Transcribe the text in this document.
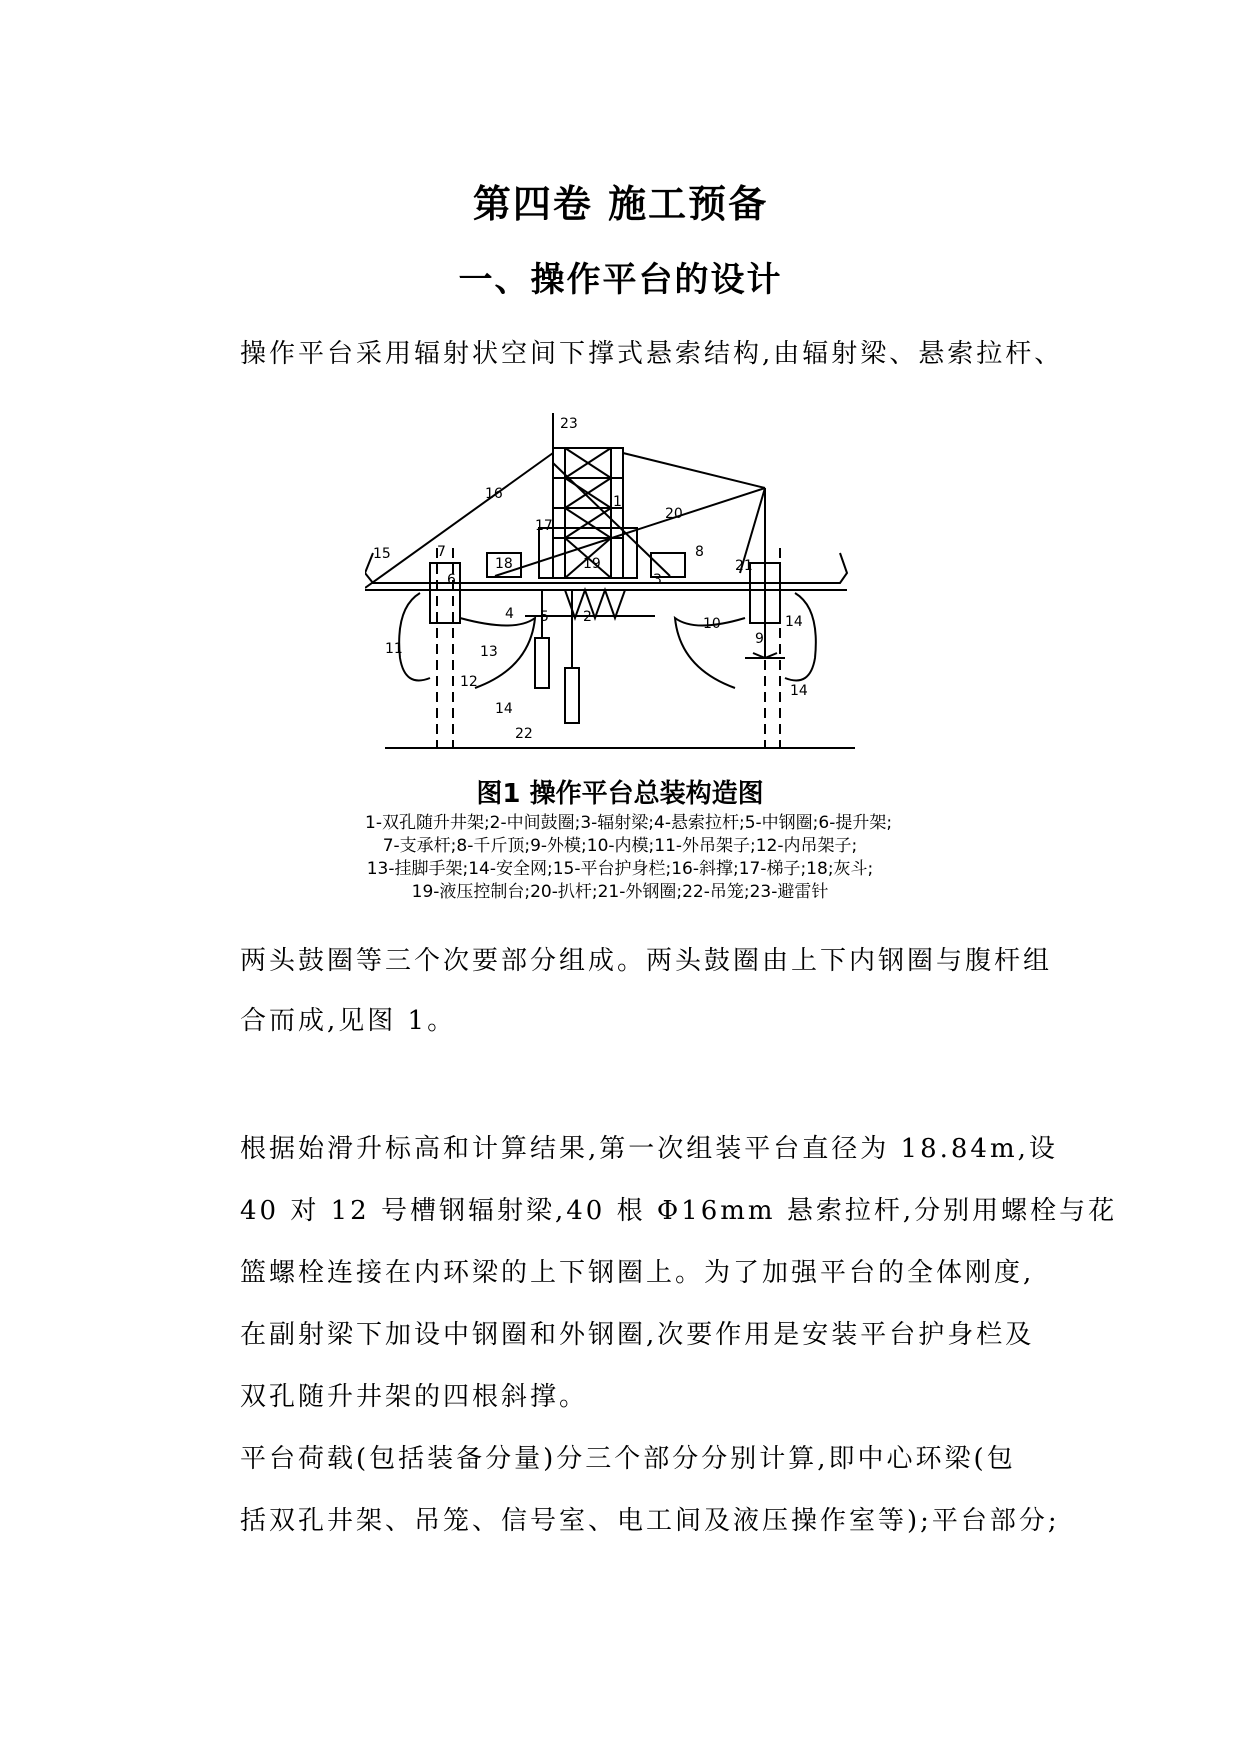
第四卷 施工预备
一、操作平台的设计
操作平台采用辐射状空间下撑式悬索结构,由辐射梁、悬索拉杆、
23
16
20
17
1
15	7
18	19
8
21
6	3
4 5 2	10
9
14
11	13
12
14
14
22
图1 操作平台总装构造图
1-双孔随升井架;2-中间鼓圈;3-辐射梁;4-悬索拉杆;5-中钢圈;6-提升架;
7-支承杆;8-千斤顶;9-外模;10-内模;11-外吊架子;12-内吊架子;
13-挂脚手架;14-安全网;15-平台护身栏;16-斜撑;17-梯子;18;灰斗;
19-液压控制台;20-扒杆;21-外钢圈;22-吊笼;23-避雷针
两头鼓圈等三个次要部分组成。两头鼓圈由上下内钢圈与腹杆组
合而成,见图 1。
根据始滑升标高和计算结果,第一次组装平台直径为 18.84m,设
40 对 12 号槽钢辐射梁,40 根 Φ16mm 悬索拉杆,分别用螺栓与花
篮螺栓连接在内环梁的上下钢圈上。为了加强平台的全体刚度,
在副射梁下加设中钢圈和外钢圈,次要作用是安装平台护身栏及
双孔随升井架的四根斜撑。
平台荷载(包括装备分量)分三个部分分别计算,即中心环梁(包
括双孔井架、吊笼、信号室、电工间及液压操作室等);平台部分;
